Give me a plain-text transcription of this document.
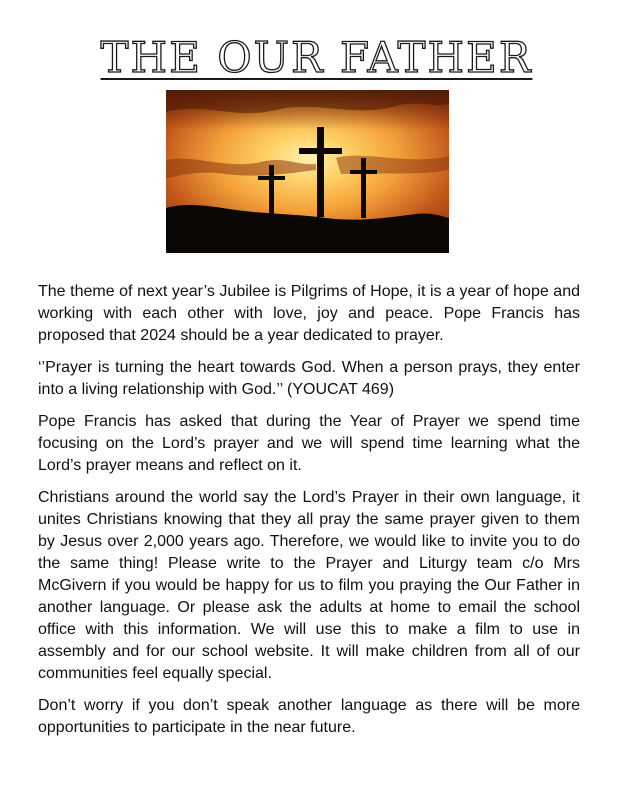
THE OUR FATHER

The theme of next year’s Jubilee is Pilgrims of Hope, it is a year of hope and working with each other with love, joy and peace. Pope Francis has proposed that 2024 should be a year dedicated to prayer.

‘’Prayer is turning the heart towards God. When a person prays, they enter into a living relationship with God.’’ (YOUCAT 469)

Pope Francis has asked that during the Year of Prayer we spend time focusing on the Lord’s prayer and we will spend time learning what the Lord’s prayer means and reflect on it.

Christians around the world say the Lord’s Prayer in their own language, it unites Christians knowing that they all pray the same prayer given to them by Jesus over 2,000 years ago. Therefore, we would like to invite you to do the same thing! Please write to the Prayer and Liturgy team c/o Mrs McGivern if you would be happy for us to film you praying the Our Father in another language. Or please ask the adults at home to email the school office with this information. We will use this to make a film to use in assembly and for our school website. It will make children from all of our communities feel equally special.

Don’t worry if you don’t speak another language as there will be more opportunities to participate in the near future.
